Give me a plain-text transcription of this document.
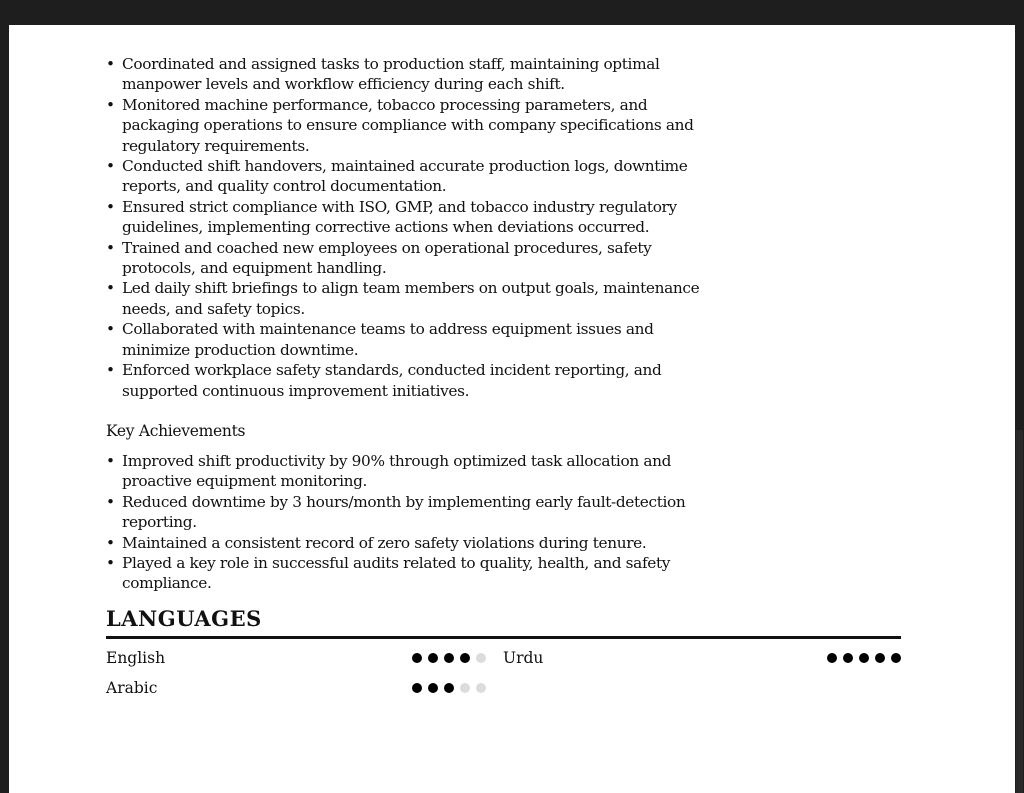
• Coordinated and assigned tasks to production staff, maintaining optimal manpower levels and workflow efficiency during each shift.
• Monitored machine performance, tobacco processing parameters, and packaging operations to ensure compliance with company specifications and regulatory requirements.
• Conducted shift handovers, maintained accurate production logs, downtime reports, and quality control documentation.
• Ensured strict compliance with ISO, GMP, and tobacco industry regulatory guidelines, implementing corrective actions when deviations occurred.
• Trained and coached new employees on operational procedures, safety protocols, and equipment handling.
• Led daily shift briefings to align team members on output goals, maintenance needs, and safety topics.
• Collaborated with maintenance teams to address equipment issues and minimize production downtime.
• Enforced workplace safety standards, conducted incident reporting, and supported continuous improvement initiatives.
Key Achievements
• Improved shift productivity by 90% through optimized task allocation and proactive equipment monitoring.
• Reduced downtime by 3 hours/month by implementing early fault-detection reporting.
• Maintained a consistent record of zero safety violations during tenure.
• Played a key role in successful audits related to quality, health, and safety compliance.
LANGUAGES
English	Urdu
Arabic
